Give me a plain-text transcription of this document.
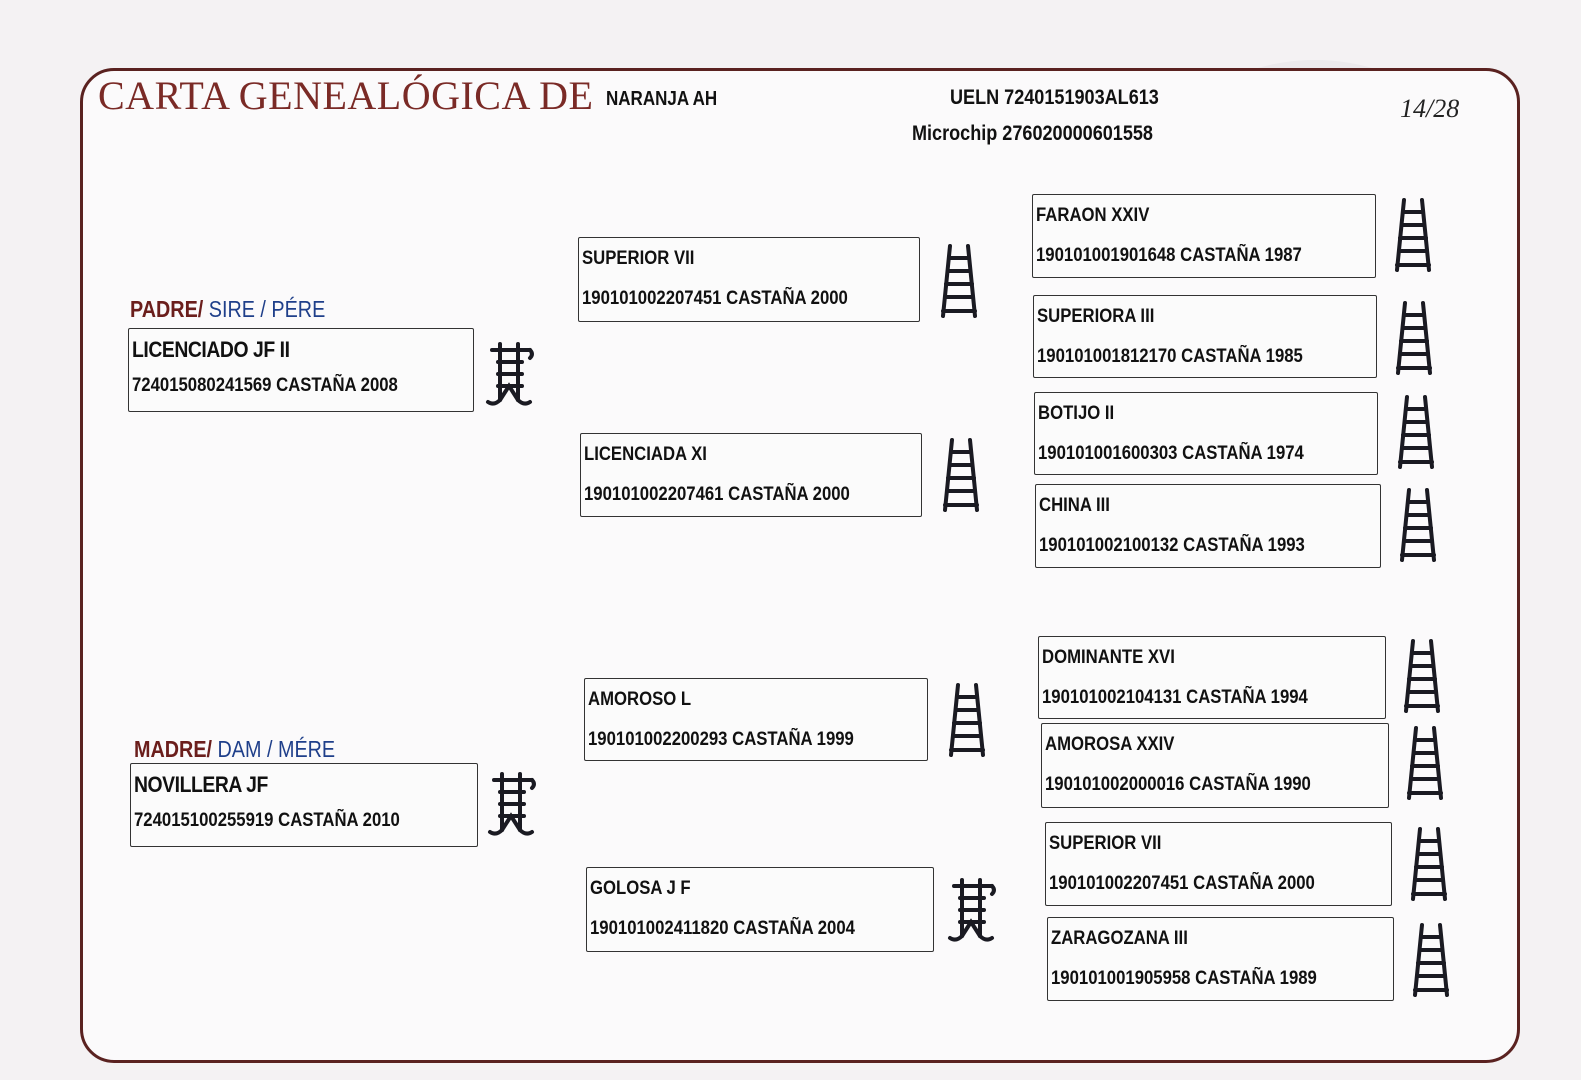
CARTA GENEALÓGICA DE NARANJA AH	UELN 7240151903AL613
Microchip 276020000601558
14/28
PADRE/ SIRE / PÉRE
MADRE/ DAM / MÉRE
LICENCIADO JF II
724015080241569 CASTAÑA 2008
NOVILLERA JF
724015100255919 CASTAÑA 2010
SUPERIOR VII
190101002207451 CASTAÑA 2000
LICENCIADA XI
190101002207461 CASTAÑA 2000
AMOROSO L
190101002200293 CASTAÑA 1999
GOLOSA J F
190101002411820 CASTAÑA 2004
FARAON XXIV
190101001901648 CASTAÑA 1987
SUPERIORA III
190101001812170 CASTAÑA 1985
BOTIJO II
190101001600303 CASTAÑA 1974
CHINA III
190101002100132 CASTAÑA 1993
DOMINANTE XVI
190101002104131 CASTAÑA 1994
AMOROSA XXIV
190101002000016 CASTAÑA 1990
SUPERIOR VII
190101002207451 CASTAÑA 2000
ZARAGOZANA III
190101001905958 CASTAÑA 1989
